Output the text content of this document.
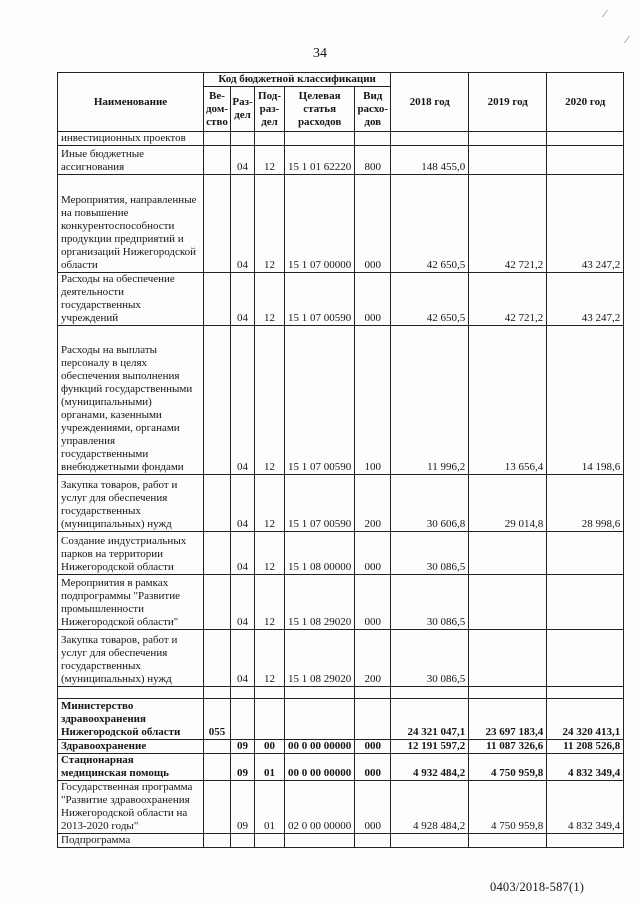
⁄
⁄
34
Наименование	Код бюджетной классификации					2018 год	2019 год	2020 год
	Ве-дом-ство	Раз-дел	Под-раз-дел	Целевая статья расходов	Вид расхо-дов			
инвестиционных проектов								
Иные бюджетные ассигнования		04	12	15 1 01 62220	800	148 455,0		
Мероприятия, направленные на повышение конкурентоспособности продукции предприятий и организаций Нижегородской области		04	12	15 1 07 00000	000	42 650,5	42 721,2	43 247,2
Расходы на обеспечение деятельности государственных учреждений		04	12	15 1 07 00590	000	42 650,5	42 721,2	43 247,2
Расходы на выплаты персоналу в целях обеспечения выполнения функций государственными (муниципальными) органами, казенными учреждениями, органами управления государственными внебюджетными фондами		04	12	15 1 07 00590	100	11 996,2	13 656,4	14 198,6
Закупка товаров, работ и услуг для обеспечения государственных (муниципальных) нужд		04	12	15 1 07 00590	200	30 606,8	29 014,8	28 998,6
Создание индустриальных парков на территории Нижегородской области		04	12	15 1 08 00000	000	30 086,5		
Мероприятия в рамках подпрограммы "Развитие промышленности Нижегородской области"		04	12	15 1 08 29020	000	30 086,5		
Закупка товаров, работ и услуг для обеспечения государственных (муниципальных) нужд		04	12	15 1 08 29020	200	30 086,5		

Министерство здравоохранения Нижегородской области	055					24 321 047,1	23 697 183,4	24 320 413,1
Здравоохранение		09	00	00 0 00 00000	000	12 191 597,2	11 087 326,6	11 208 526,8
Стационарная медицинская помощь		09	01	00 0 00 00000	000	4 932 484,2	4 750 959,8	4 832 349,4
Государственная программа "Развитие здравоохранения Нижегородской области на 2013-2020 годы"		09	01	02 0 00 00000	000	4 928 484,2	4 750 959,8	4 832 349,4
Подпрограмма								
0403/2018-587(1)
